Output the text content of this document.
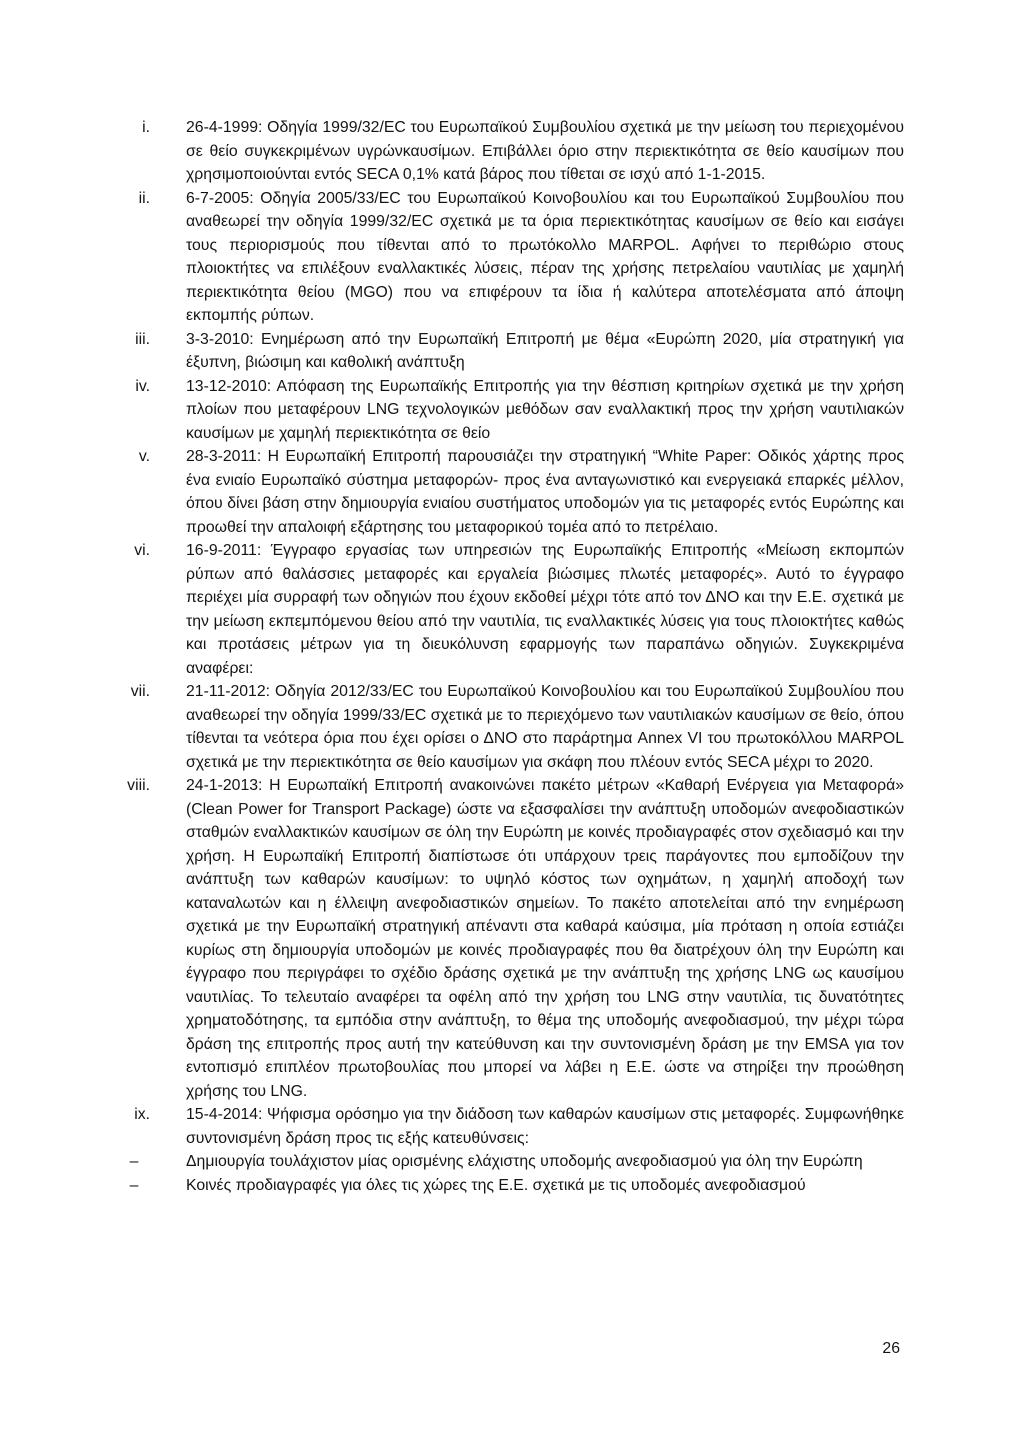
i. 26-4-1999: Οδηγία 1999/32/EC του Ευρωπαϊκού Συμβουλίου σχετικά με την μείωση του περιεχομένου σε θείο συγκεκριμένων υγρώνκαυσίμων. Επιβάλλει όριο στην περιεκτικότητα σε θείο καυσίμων που χρησιμοποιούνται εντός SECA 0,1% κατά βάρος που τίθεται σε ισχύ από 1-1-2015.
ii. 6-7-2005: Οδηγία 2005/33/EC του Ευρωπαϊκού Κοινοβουλίου και του Ευρωπαϊκού Συμβουλίου που αναθεωρεί την οδηγία 1999/32/EC σχετικά με τα όρια περιεκτικότητας καυσίμων σε θείο και εισάγει τους περιορισμούς που τίθενται από το πρωτόκολλο MARPOL. Αφήνει το περιθώριο στους πλοιοκτήτες να επιλέξουν εναλλακτικές λύσεις, πέραν της χρήσης πετρελαίου ναυτιλίας με χαμηλή περιεκτικότητα θείου (MGO) που να επιφέρουν τα ίδια ή καλύτερα αποτελέσματα από άποψη εκπομπής ρύπων.
iii. 3-3-2010: Ενημέρωση από την Ευρωπαϊκή Επιτροπή με θέμα «Ευρώπη 2020, μία στρατηγική για έξυπνη, βιώσιμη και καθολική ανάπτυξη
iv. 13-12-2010: Απόφαση της Ευρωπαϊκής Επιτροπής για την θέσπιση κριτηρίων σχετικά με την χρήση πλοίων που μεταφέρουν LNG τεχνολογικών μεθόδων σαν εναλλακτική προς την χρήση ναυτιλιακών καυσίμων με χαμηλή περιεκτικότητα σε θείο
v. 28-3-2011: Η Ευρωπαϊκή Επιτροπή παρουσιάζει την στρατηγική “White Paper: Οδικός χάρτης προς ένα ενιαίο Ευρωπαϊκό σύστημα μεταφορών- προς ένα ανταγωνιστικό και ενεργειακά επαρκές μέλλον, όπου δίνει βάση στην δημιουργία ενιαίου συστήματος υποδομών για τις μεταφορές εντός Ευρώπης και προωθεί την απαλοιφή εξάρτησης του μεταφορικού τομέα από το πετρέλαιο.
vi. 16-9-2011: Έγγραφο εργασίας των υπηρεσιών της Ευρωπαϊκής Επιτροπής «Μείωση εκπομπών ρύπων από θαλάσσιες μεταφορές και εργαλεία βιώσιμες πλωτές μεταφορές». Αυτό το έγγραφο περιέχει μία συρραφή των οδηγιών που έχουν εκδοθεί μέχρι τότε από τον ΔΝΟ και την Ε.Ε. σχετικά με την μείωση εκπεμπόμενου θείου από την ναυτιλία, τις εναλλακτικές λύσεις για τους πλοιοκτήτες καθώς και προτάσεις μέτρων για τη διευκόλυνση εφαρμογής των παραπάνω οδηγιών. Συγκεκριμένα αναφέρει:
vii. 21-11-2012: Οδηγία 2012/33/EC του Ευρωπαϊκού Κοινοβουλίου και του Ευρωπαϊκού Συμβουλίου που αναθεωρεί την οδηγία 1999/33/EC σχετικά με το περιεχόμενο των ναυτιλιακών καυσίμων σε θείο, όπου τίθενται τα νεότερα όρια που έχει ορίσει ο ΔΝΟ στο παράρτημα Annex VI του πρωτοκόλλου MARPOL σχετικά με την περιεκτικότητα σε θείο καυσίμων για σκάφη που πλέουν εντός SECA μέχρι το 2020.
viii. 24-1-2013: Η Ευρωπαϊκή Επιτροπή ανακοινώνει πακέτο μέτρων «Καθαρή Ενέργεια για Μεταφορά» (Clean Power for Transport Package) ώστε να εξασφαλίσει την ανάπτυξη υποδομών ανεφοδιαστικών σταθμών εναλλακτικών καυσίμων σε όλη την Ευρώπη με κοινές προδιαγραφές στον σχεδιασμό και την χρήση. Η Ευρωπαϊκή Επιτροπή διαπίστωσε ότι υπάρχουν τρεις παράγοντες που εμποδίζουν την ανάπτυξη των καθαρών καυσίμων: το υψηλό κόστος των οχημάτων, η χαμηλή αποδοχή των καταναλωτών και η έλλειψη ανεφοδιαστικών σημείων. Το πακέτο αποτελείται από την ενημέρωση σχετικά με την Ευρωπαϊκή στρατηγική απέναντι στα καθαρά καύσιμα, μία πρόταση η οποία εστιάζει κυρίως στη δημιουργία υποδομών με κοινές προδιαγραφές που θα διατρέχουν όλη την Ευρώπη και έγγραφο που περιγράφει το σχέδιο δράσης σχετικά με την ανάπτυξη της χρήσης LNG ως καυσίμου ναυτιλίας. Το τελευταίο αναφέρει τα οφέλη από την χρήση του LNG στην ναυτιλία, τις δυνατότητες χρηματοδότησης, τα εμπόδια στην ανάπτυξη, το θέμα της υποδομής ανεφοδιασμού, την μέχρι τώρα δράση της επιτροπής προς αυτή την κατεύθυνση και την συντονισμένη δράση με την EMSA για τον εντοπισμό επιπλέον πρωτοβουλίας που μπορεί να λάβει η Ε.Ε. ώστε να στηρίξει την προώθηση χρήσης του LNG.
ix. 15-4-2014: Ψήφισμα ορόσημο για την διάδοση των καθαρών καυσίμων στις μεταφορές. Συμφωνήθηκε συντονισμένη δράση προς τις εξής κατευθύνσεις:
–	Δημιουργία τουλάχιστον μίας ορισμένης ελάχιστης υποδομής ανεφοδιασμού για όλη την Ευρώπη
–	Κοινές προδιαγραφές για όλες τις χώρες της Ε.Ε. σχετικά με τις υποδομές ανεφοδιασμού
26
